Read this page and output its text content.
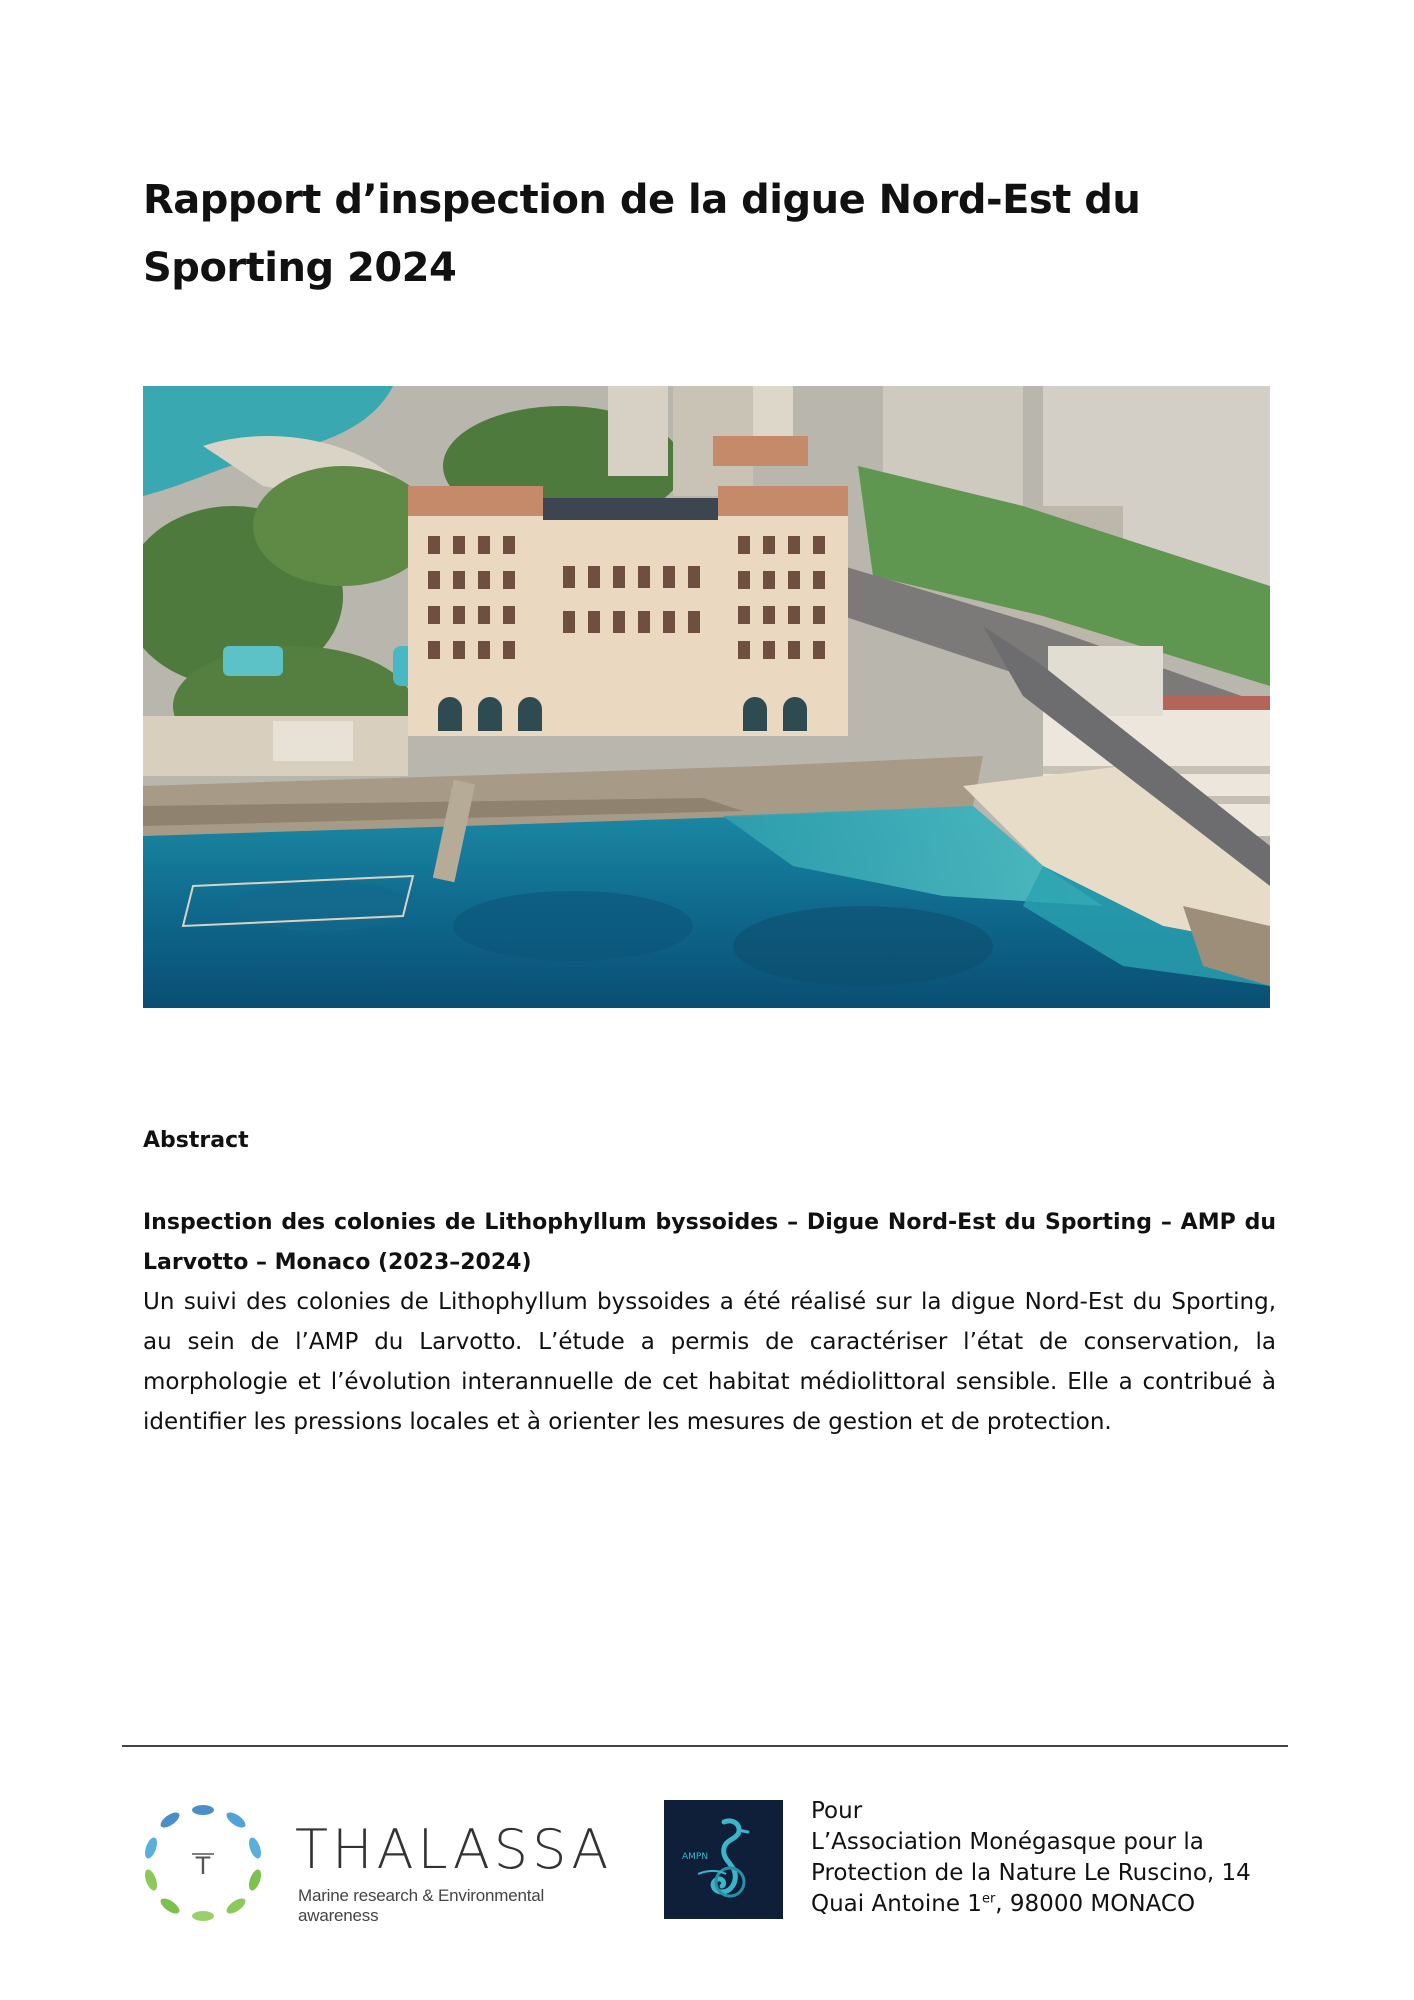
Rapport d’inspection de la digue Nord-Est du Sporting 2024
Abstract

Inspection des colonies de Lithophyllum byssoides – Digue Nord-Est du Sporting – AMP du Larvotto – Monaco (2023–2024)

Un suivi des colonies de Lithophyllum byssoides a été réalisé sur la digue Nord-Est du Sporting, au sein de l’AMP du Larvotto. L’étude a permis de caractériser l’état de conservation, la morphologie et l’évolution interannuelle de cet habitat médiolittoral sensible. Elle a contribué à identifier les pressions locales et à orienter les mesures de gestion et de protection.

T THALASSA
Marine research & Environmental awareness
AMPN
Pour
L’Association Monégasque pour la
Protection de la Nature Le Ruscino, 14
Quai Antoine 1er, 98000 MONACO
